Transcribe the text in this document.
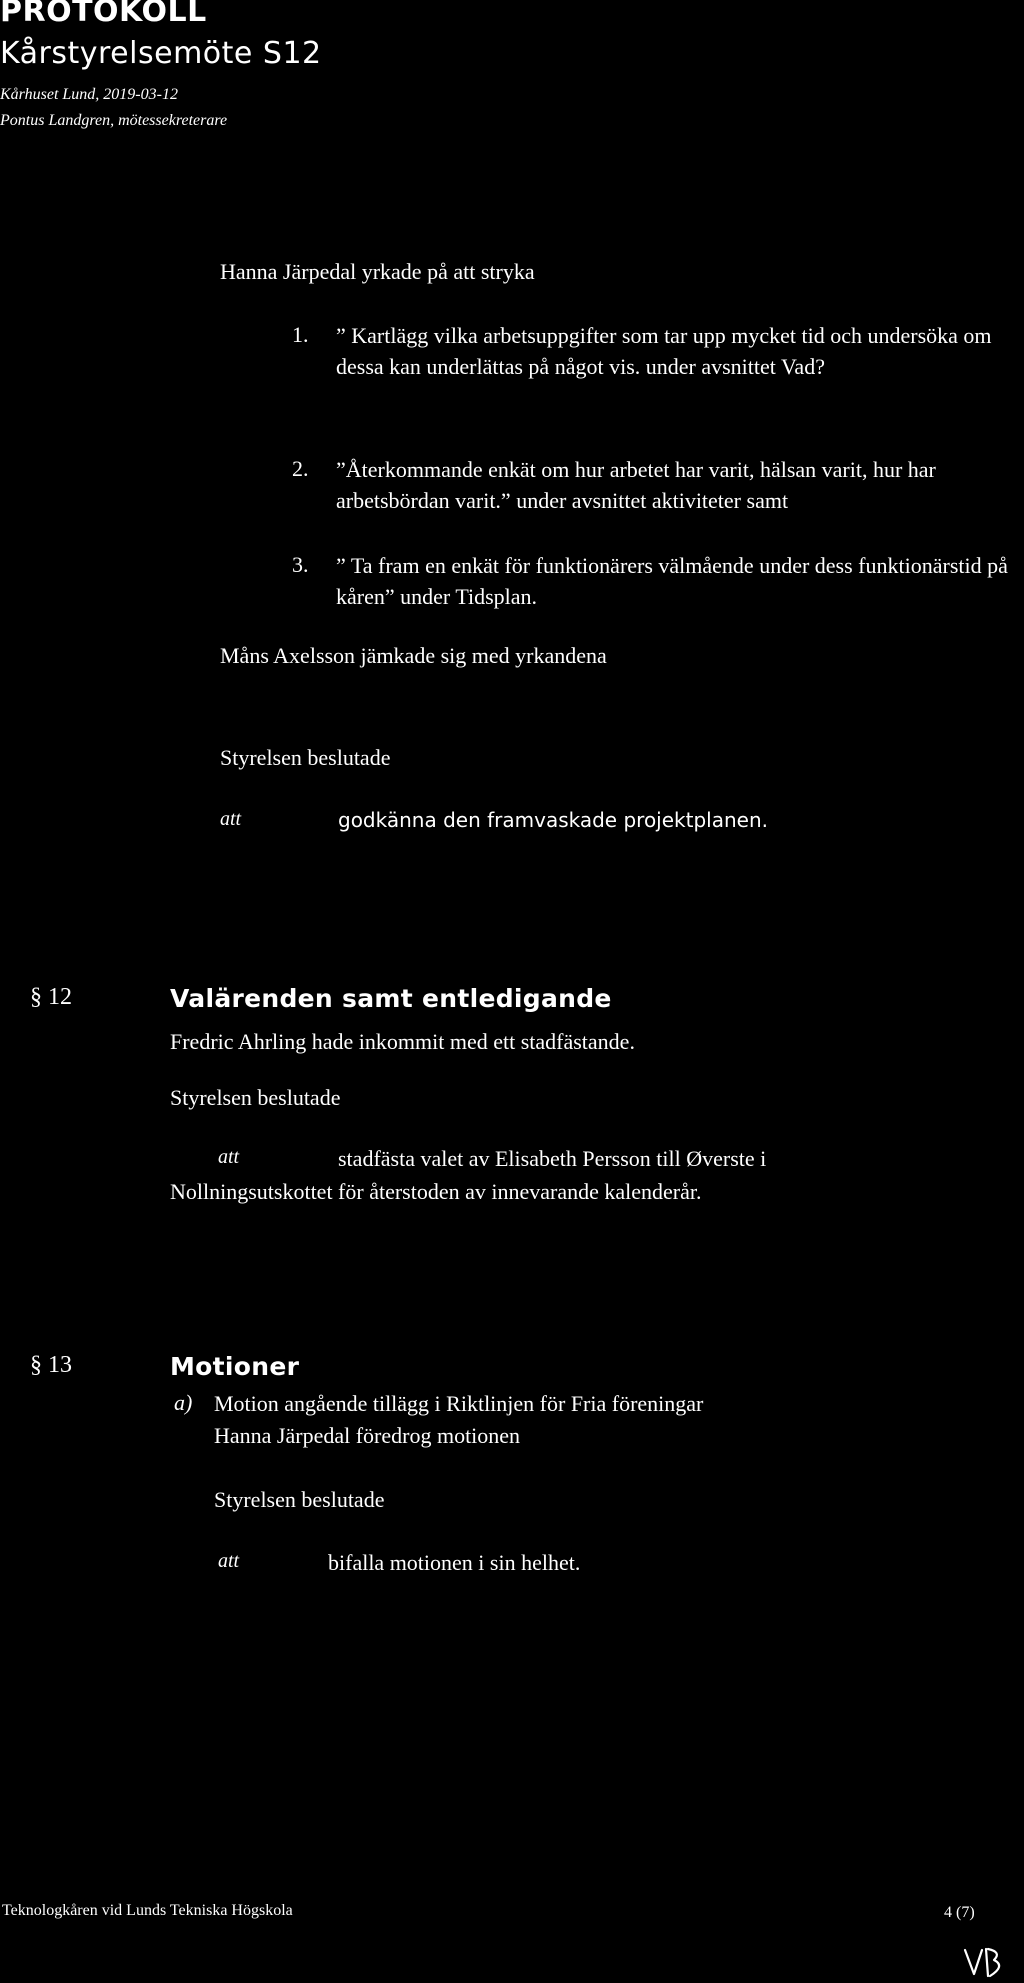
PROTOKOLL
Kårstyrelsemöte S12
Kårhuset Lund, 2019-03-12
Pontus Landgren, mötessekreterare
Hanna Järpedal yrkade på att stryka
1. ” Kartlägg vilka arbetsuppgifter som tar upp mycket tid och undersöka om dessa kan underlättas på något vis. under avsnittet Vad?
2. ”Återkommande enkät om hur arbetet har varit, hälsan varit, hur har arbetsbördan varit.” under avsnittet aktiviteter samt
3. ” Ta fram en enkät för funktionärers välmående under dess funktionärstid på kåren” under Tidsplan.
Måns Axelsson jämkade sig med yrkandena
Styrelsen beslutade
att	godkänna den framvaskade projektplanen.
§ 12	Valärenden samt entledigande
Fredric Ahrling hade inkommit med ett stadfästande.
Styrelsen beslutade
att	stadfästa valet av Elisabeth Persson till Øverste i
Nollningsutskottet för återstoden av innevarande kalenderår.
§ 13	Motioner
a) Motion angående tillägg i Riktlinjen för Fria föreningar
Hanna Järpedal föredrog motionen
Styrelsen beslutade
att	bifalla motionen i sin helhet.
Teknologkåren vid Lunds Tekniska Högskola	4 (7)
